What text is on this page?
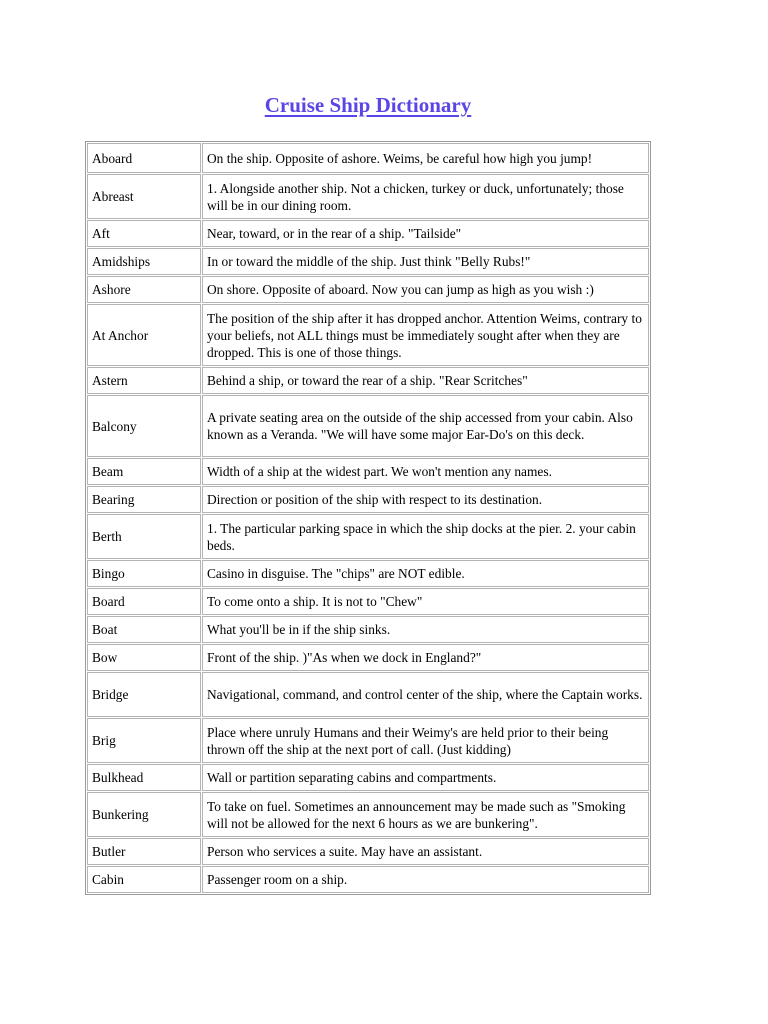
Cruise Ship Dictionary
Aboard	On the ship. Opposite of ashore. Weims, be careful how high you jump!
Abreast	1. Alongside another ship. Not a chicken, turkey or duck, unfortunately; those will be in our dining room.
Aft	Near, toward, or in the rear of a ship. "Tailside"
Amidships	In or toward the middle of the ship. Just think "Belly Rubs!"
Ashore	On shore. Opposite of aboard. Now you can jump as high as you wish :)
At Anchor	The position of the ship after it has dropped anchor. Attention Weims, contrary to your beliefs, not ALL things must be immediately sought after when they are dropped. This is one of those things.
Astern	Behind a ship, or toward the rear of a ship. "Rear Scritches"
Balcony	A private seating area on the outside of the ship accessed from your cabin. Also known as a Veranda. "We will have some major Ear-Do's on this deck.
Beam	Width of a ship at the widest part. We won't mention any names.
Bearing	Direction or position of the ship with respect to its destination.
Berth	1. The particular parking space in which the ship docks at the pier. 2. your cabin beds.
Bingo	Casino in disguise. The "chips" are NOT edible.
Board	To come onto a ship. It is not to "Chew"
Boat	What you'll be in if the ship sinks.
Bow	Front of the ship. )"As when we dock in England?"
Bridge	Navigational, command, and control center of the ship, where the Captain works.
Brig	Place where unruly Humans and their Weimy's are held prior to their being thrown off the ship at the next port of call. (Just kidding)
Bulkhead	Wall or partition separating cabins and compartments.
Bunkering	To take on fuel. Sometimes an announcement may be made such as "Smoking will not be allowed for the next 6 hours as we are bunkering".
Butler	Person who services a suite. May have an assistant.
Cabin	Passenger room on a ship.
